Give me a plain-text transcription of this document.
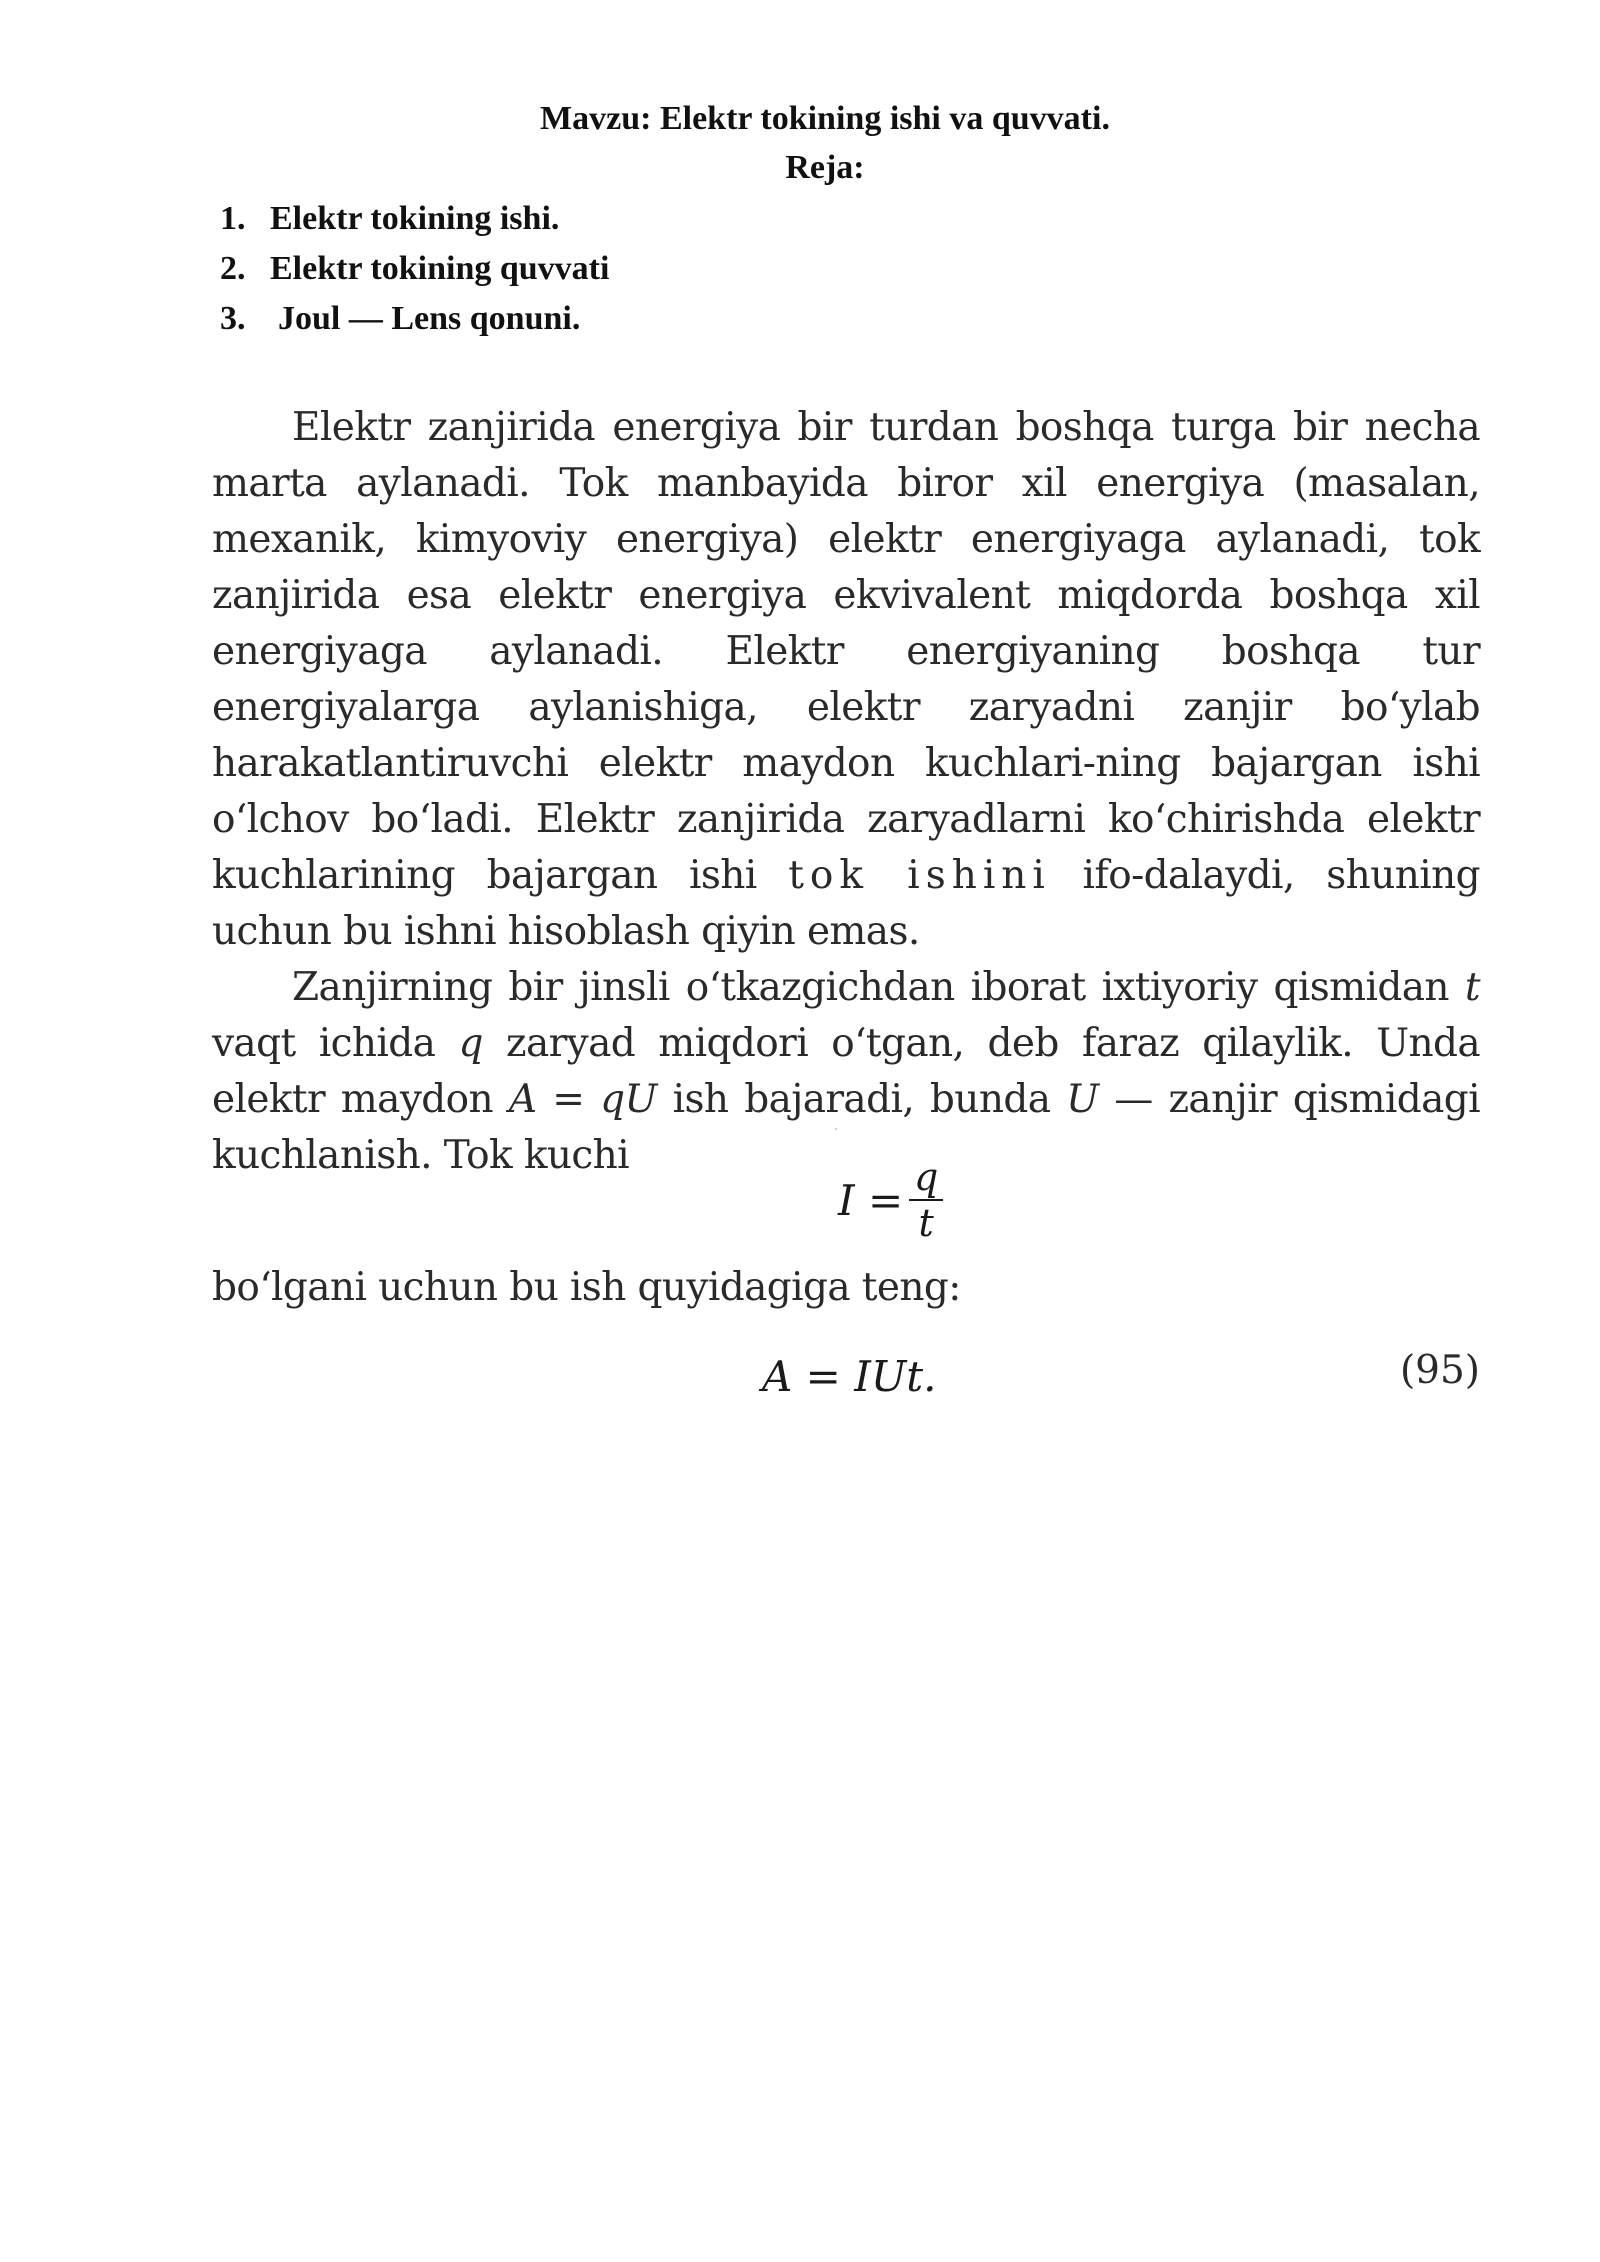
Mavzu: Elektr tokining ishi va quvvati.
Reja:
1. Elektr tokining ishi.
2. Elektr tokining quvvati
3. Joul — Lens qonuni.

Elektr zanjirida energiya bir turdan boshqa turga bir necha marta aylanadi. Tok manbayida biror xil energiya (masalan, mexanik, kimyoviy energiya) elektr energiyaga aylanadi, tok zanjirida esa elektr energiya ekvivalent miqdorda boshqa xil energiyaga aylanadi. Elektr energiyaning boshqa tur energiyalarga aylanishiga, elektr zaryadni zanjir bo‘ylab harakatlantiruvchi elektr maydon kuchlari-ning bajargan ishi o‘lchov bo‘ladi. Elektr zanjirida zaryadlarni ko‘chirishda elektr kuchlarining bajargan ishi tok ishini ifo-dalaydi, shuning uchun bu ishni hisoblash qiyin emas.

Zanjirning bir jinsli o‘tkazgichdan iborat ixtiyoriy qismidan t vaqt ichida q zaryad miqdori o‘tgan, deb faraz qilaylik. Unda elektr maydon A = qU ish bajaradi, bunda U — zanjir qismidagi kuchlanish. Tok kuchi

$I = \frac{q}{t}$
bo‘lgani uchun bu ish quyidagiga teng:
A = IUt.	(95)
